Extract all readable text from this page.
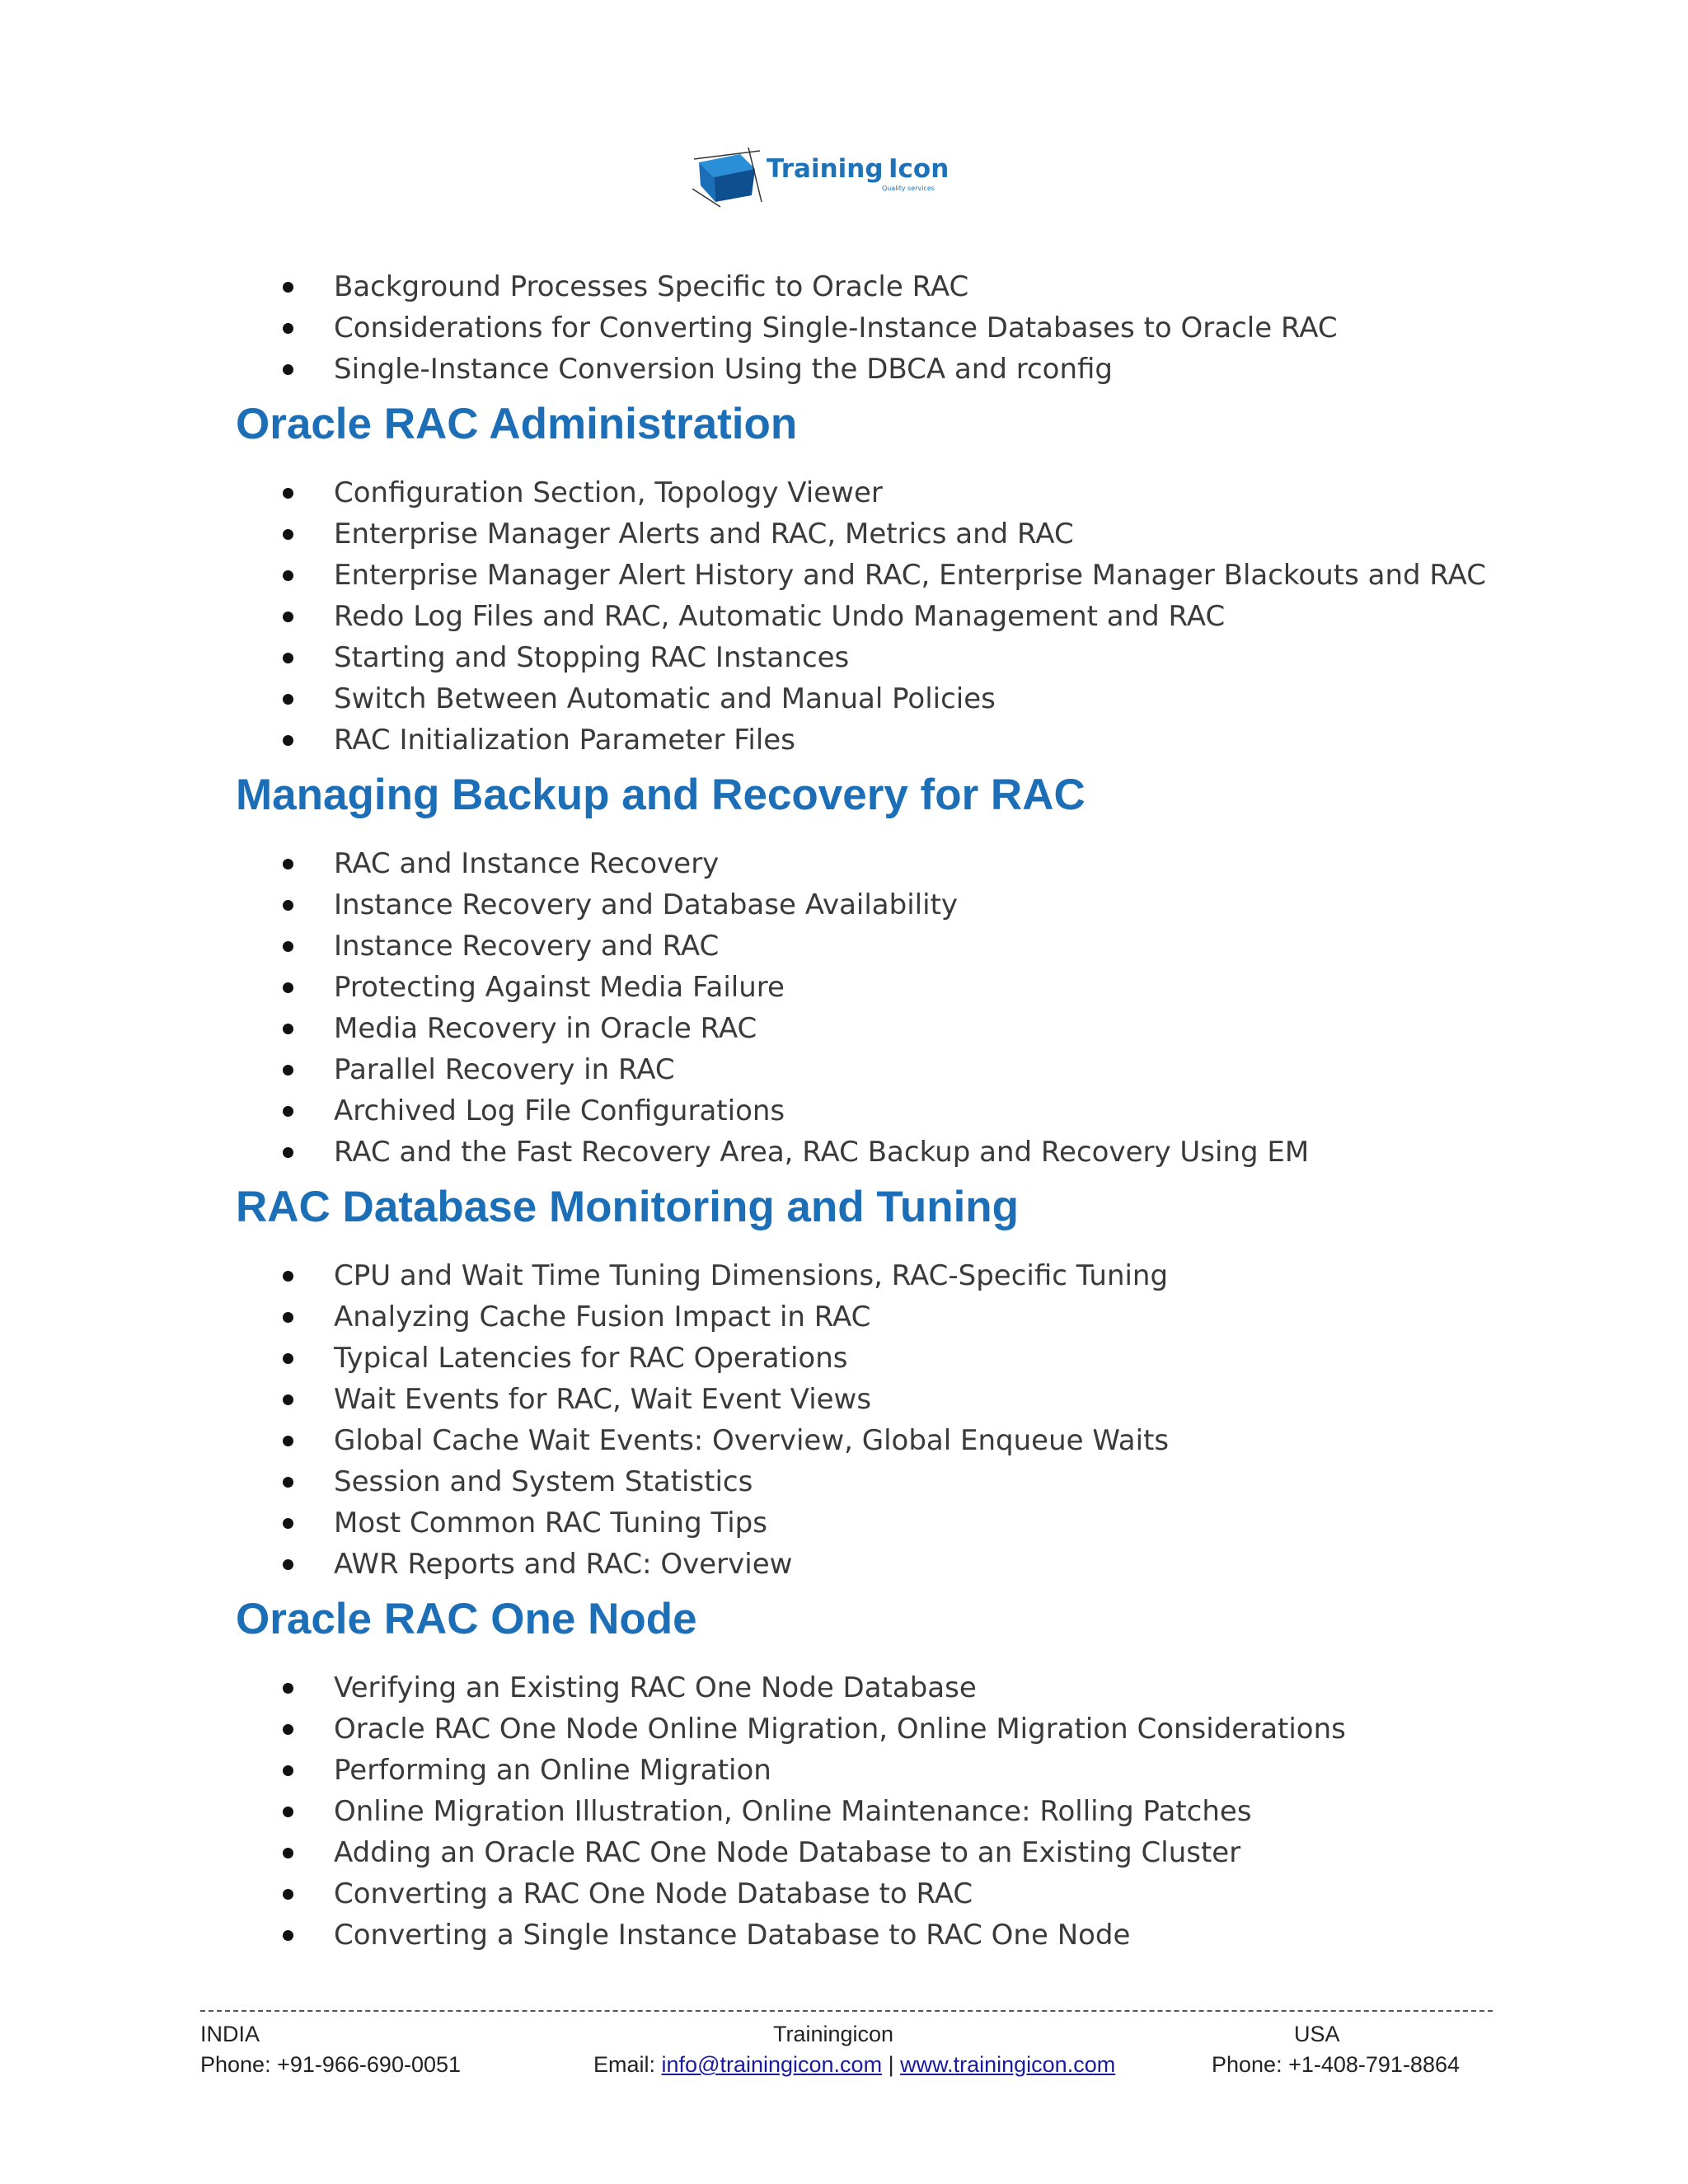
Training Icon
Quality services
Background Processes Specific to Oracle RAC
Considerations for Converting Single-Instance Databases to Oracle RAC
Single-Instance Conversion Using the DBCA and rconfig
Oracle RAC Administration
Configuration Section, Topology Viewer
Enterprise Manager Alerts and RAC, Metrics and RAC
Enterprise Manager Alert History and RAC, Enterprise Manager Blackouts and RAC
Redo Log Files and RAC, Automatic Undo Management and RAC
Starting and Stopping RAC Instances
Switch Between Automatic and Manual Policies
RAC Initialization Parameter Files
Managing Backup and Recovery for RAC
RAC and Instance Recovery
Instance Recovery and Database Availability
Instance Recovery and RAC
Protecting Against Media Failure
Media Recovery in Oracle RAC
Parallel Recovery in RAC
Archived Log File Configurations
RAC and the Fast Recovery Area, RAC Backup and Recovery Using EM
RAC Database Monitoring and Tuning
CPU and Wait Time Tuning Dimensions, RAC-Specific Tuning
Analyzing Cache Fusion Impact in RAC
Typical Latencies for RAC Operations
Wait Events for RAC, Wait Event Views
Global Cache Wait Events: Overview, Global Enqueue Waits
Session and System Statistics
Most Common RAC Tuning Tips
AWR Reports and RAC: Overview
Oracle RAC One Node
Verifying an Existing RAC One Node Database
Oracle RAC One Node Online Migration, Online Migration Considerations
Performing an Online Migration
Online Migration Illustration, Online Maintenance: Rolling Patches
Adding an Oracle RAC One Node Database to an Existing Cluster
Converting a RAC One Node Database to RAC
Converting a Single Instance Database to RAC One Node
INDIA
Phone: +91-966-690-0051
Trainingicon
Email: info@trainingicon.com | www.trainingicon.com
USA
Phone: +1-408-791-8864
